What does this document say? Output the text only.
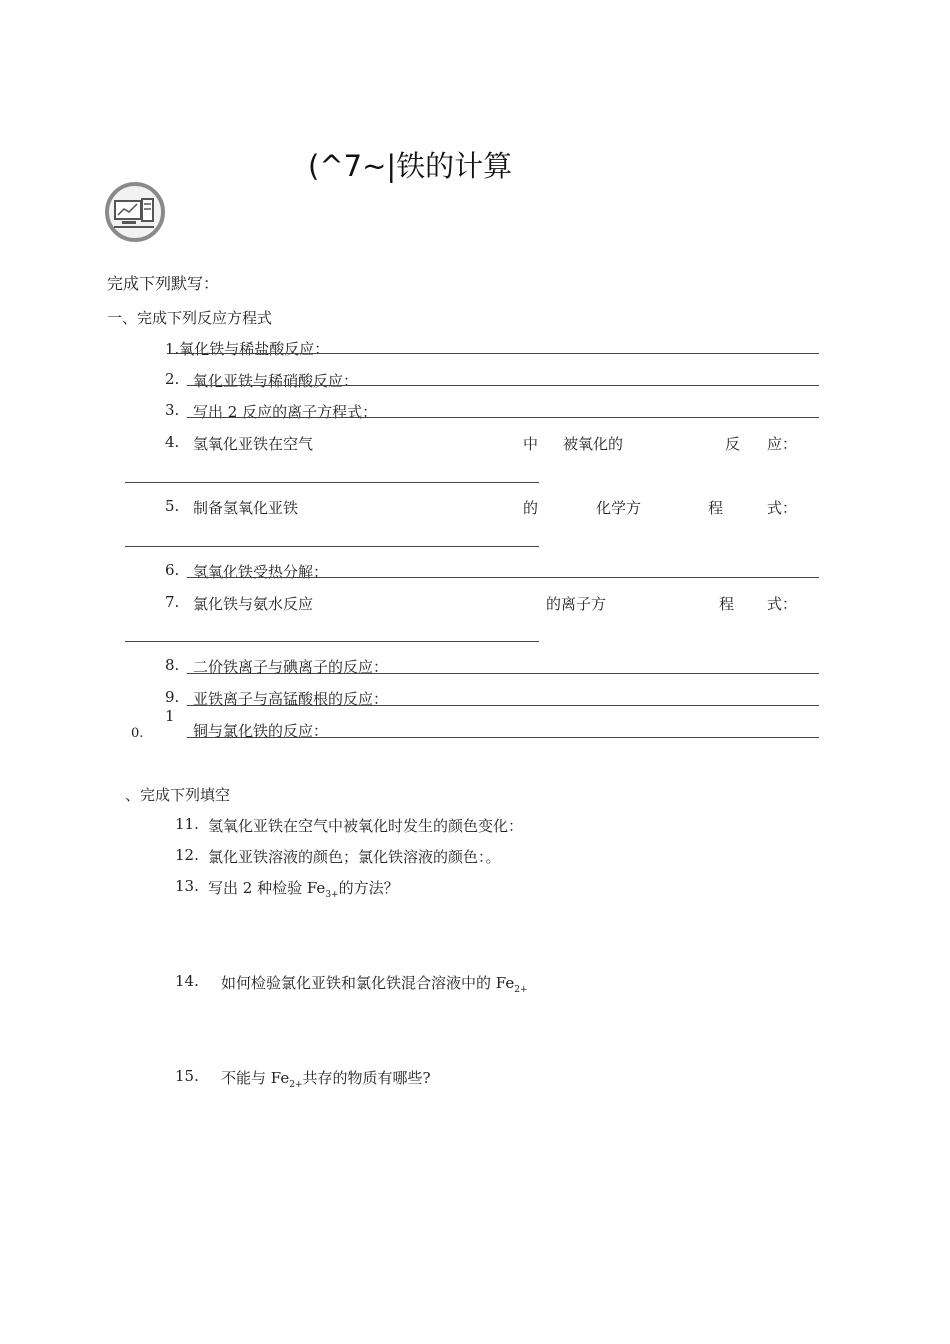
(^7~|铁的计算
完成下列默写：
一、完成下列反应方程式
1.氧化铁与稀盐酸反应：
2. 氧化亚铁与稀硝酸反应：
3. 写出 2 反应的离子方程式：
4. 氢氧化亚铁在空气	中 被氧化的	反 应：
5. 制备氢氧化亚铁	的	化学方	程	式：
6. 氢氧化铁受热分解：
7. 氯化铁与氨水反应	的离子方	程 式：
8. 二价铁离子与碘离子的反应：
9. 亚铁离子与高锰酸根的反应：
1
0.	铜与氯化铁的反应：
、完成下列填空
11. 氢氧化亚铁在空气中被氧化时发生的颜色变化：
12. 氯化亚铁溶液的颜色；氯化铁溶液的颜色：。
13. 写出 2 种检验 $Fe_{3+}$的方法？
14. 如何检验氯化亚铁和氯化铁混合溶液中的 $Fe_{2+}$
15. 不能与 $Fe_{2+}$共存的物质有哪些?
